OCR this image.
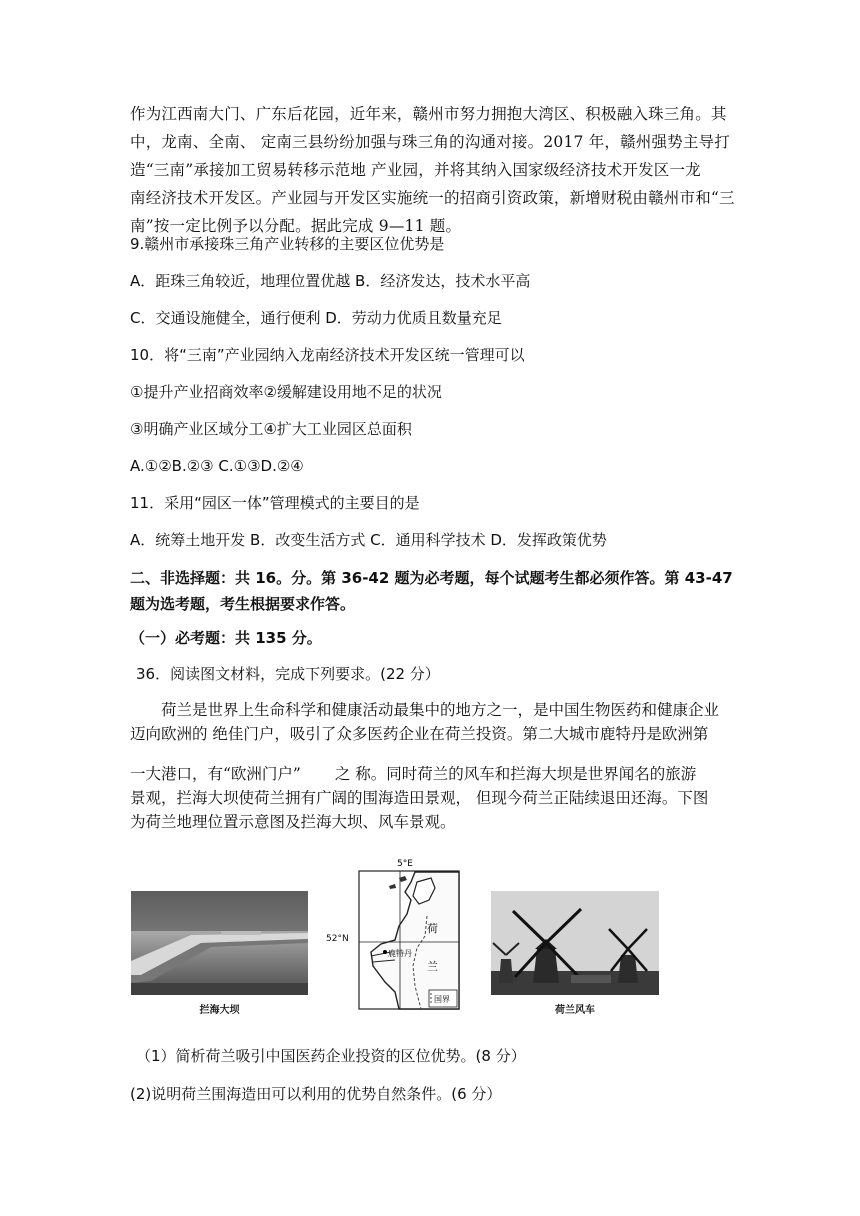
作为江西南大门、广东后花园，近年来，赣州市努力拥抱大湾区、积极融入珠三角。其
中，龙南、全南、 定南三县纷纷加强与珠三角的沟通对接。2017 年，赣州强势主导打
造“三南”承接加工贸易转移示范地 产业园，并将其纳入国家级经济技术开发区一龙
南经济技术开发区。产业园与开发区实施统一的招商引资政策，新增财税由赣州市和“三
南”按一定比例予以分配。据此完成 9—11 题。
9.赣州市承接珠三角产业转移的主要区位优势是
A．距珠三角较近，地理位置优越 B．经济发达，技术水平高
C．交通设施健全，通行便利 D．劳动力优质且数量充足
10．将“三南”产业园纳入龙南经济技术开发区统一管理可以
①提升产业招商效率②缓解建设用地不足的状况
③明确产业区域分工④扩大工业园区总面积
A.①②B.②③ C.①③D.②④
11．采用“园区一体”管理模式的主要目的是
A．统筹土地开发 B．改变生活方式 C．通用科学技术 D．发挥政策优势
二、非选择题：共 16。分。第 36-42 题为必考题，每个试题考生都必须作答。第 43-47
题为选考题，考生根据要求作答。
（一）必考题：共 135 分。
36．阅读图文材料，完成下列要求。(22 分）
荷兰是世界上生命科学和健康活动最集中的地方之一，是中国生物医药和健康企业
迈向欧洲的 绝佳门户，吸引了众多医药企业在荷兰投资。第二大城市鹿特丹是欧洲第
一大港口，有“欧洲门户” 之 称。同时荷兰的风车和拦海大坝是世界闻名的旅游
景观，拦海大坝使荷兰拥有广阔的围海造田景观， 但现今荷兰正陆续退田还海。下图
为荷兰地理位置示意图及拦海大坝、风车景观。
拦海大坝
5°E
鹿特丹
荷
兰
国界
52°N
荷兰风车
（1）简析荷兰吸引中国医药企业投资的区位优势。(8 分）
(2)说明荷兰围海造田可以利用的优势自然条件。(6 分）
